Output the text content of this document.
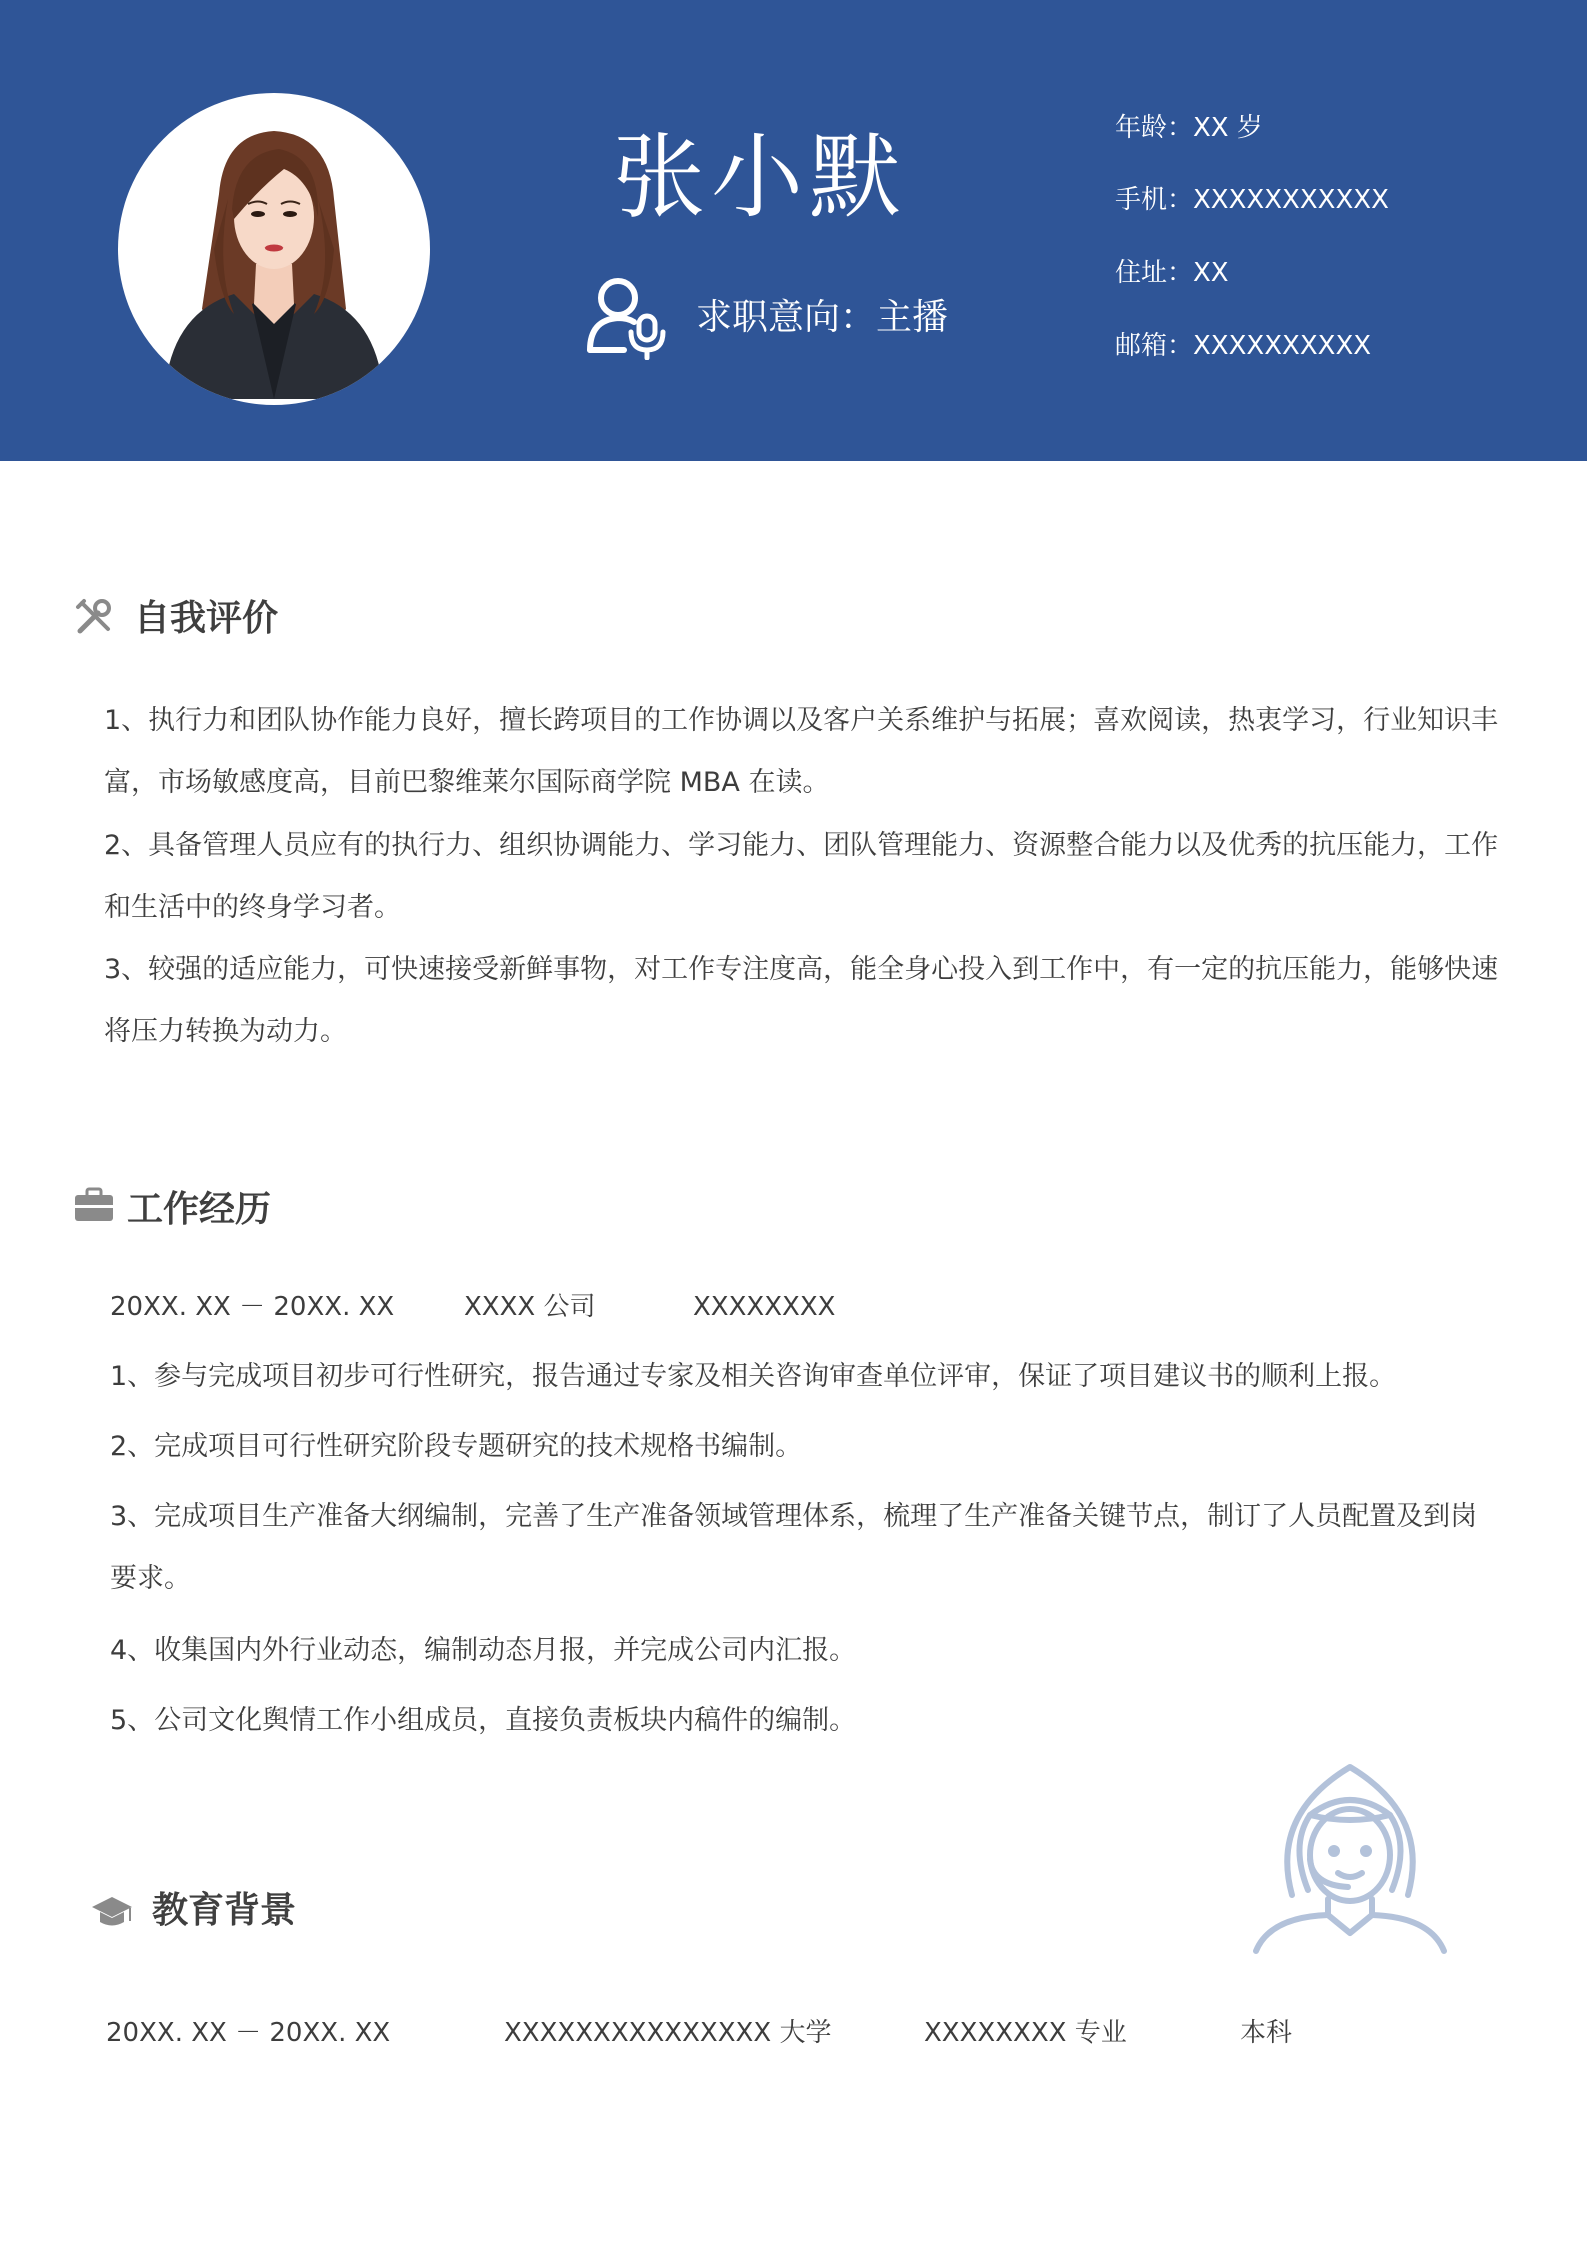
张小默
求职意向：主播
年龄：XX 岁
手机：XXXXXXXXXXX
住址：XX
邮箱：XXXXXXXXXX
自我评价

1、执行力和团队协作能力良好，擅长跨项目的工作协调以及客户关系维护与拓展；喜欢阅读，热衷学习，行业知识丰富，市场敏感度高，目前巴黎维莱尔国际商学院 MBA 在读。

2、具备管理人员应有的执行力、组织协调能力、学习能力、团队管理能力、资源整合能力以及优秀的抗压能力，工作和生活中的终身学习者。

3、较强的适应能力，可快速接受新鲜事物，对工作专注度高，能全身心投入到工作中，有一定的抗压能力，能够快速将压力转换为动力。

工作经历
20XX. XX － 20XX. XX	XXXX 公司	XXXXXXXX

1、参与完成项目初步可行性研究，报告通过专家及相关咨询审查单位评审，保证了项目建议书的顺利上报。

2、完成项目可行性研究阶段专题研究的技术规格书编制。

3、完成项目生产准备大纲编制，完善了生产准备领域管理体系，梳理了生产准备关键节点，制订了人员配置及到岗要求。

4、收集国内外行业动态，编制动态月报，并完成公司内汇报。

5、公司文化舆情工作小组成员，直接负责板块内稿件的编制。

教育背景
20XX. XX － 20XX. XX	XXXXXXXXXXXXXXX 大学	XXXXXXXX 专业	本科
